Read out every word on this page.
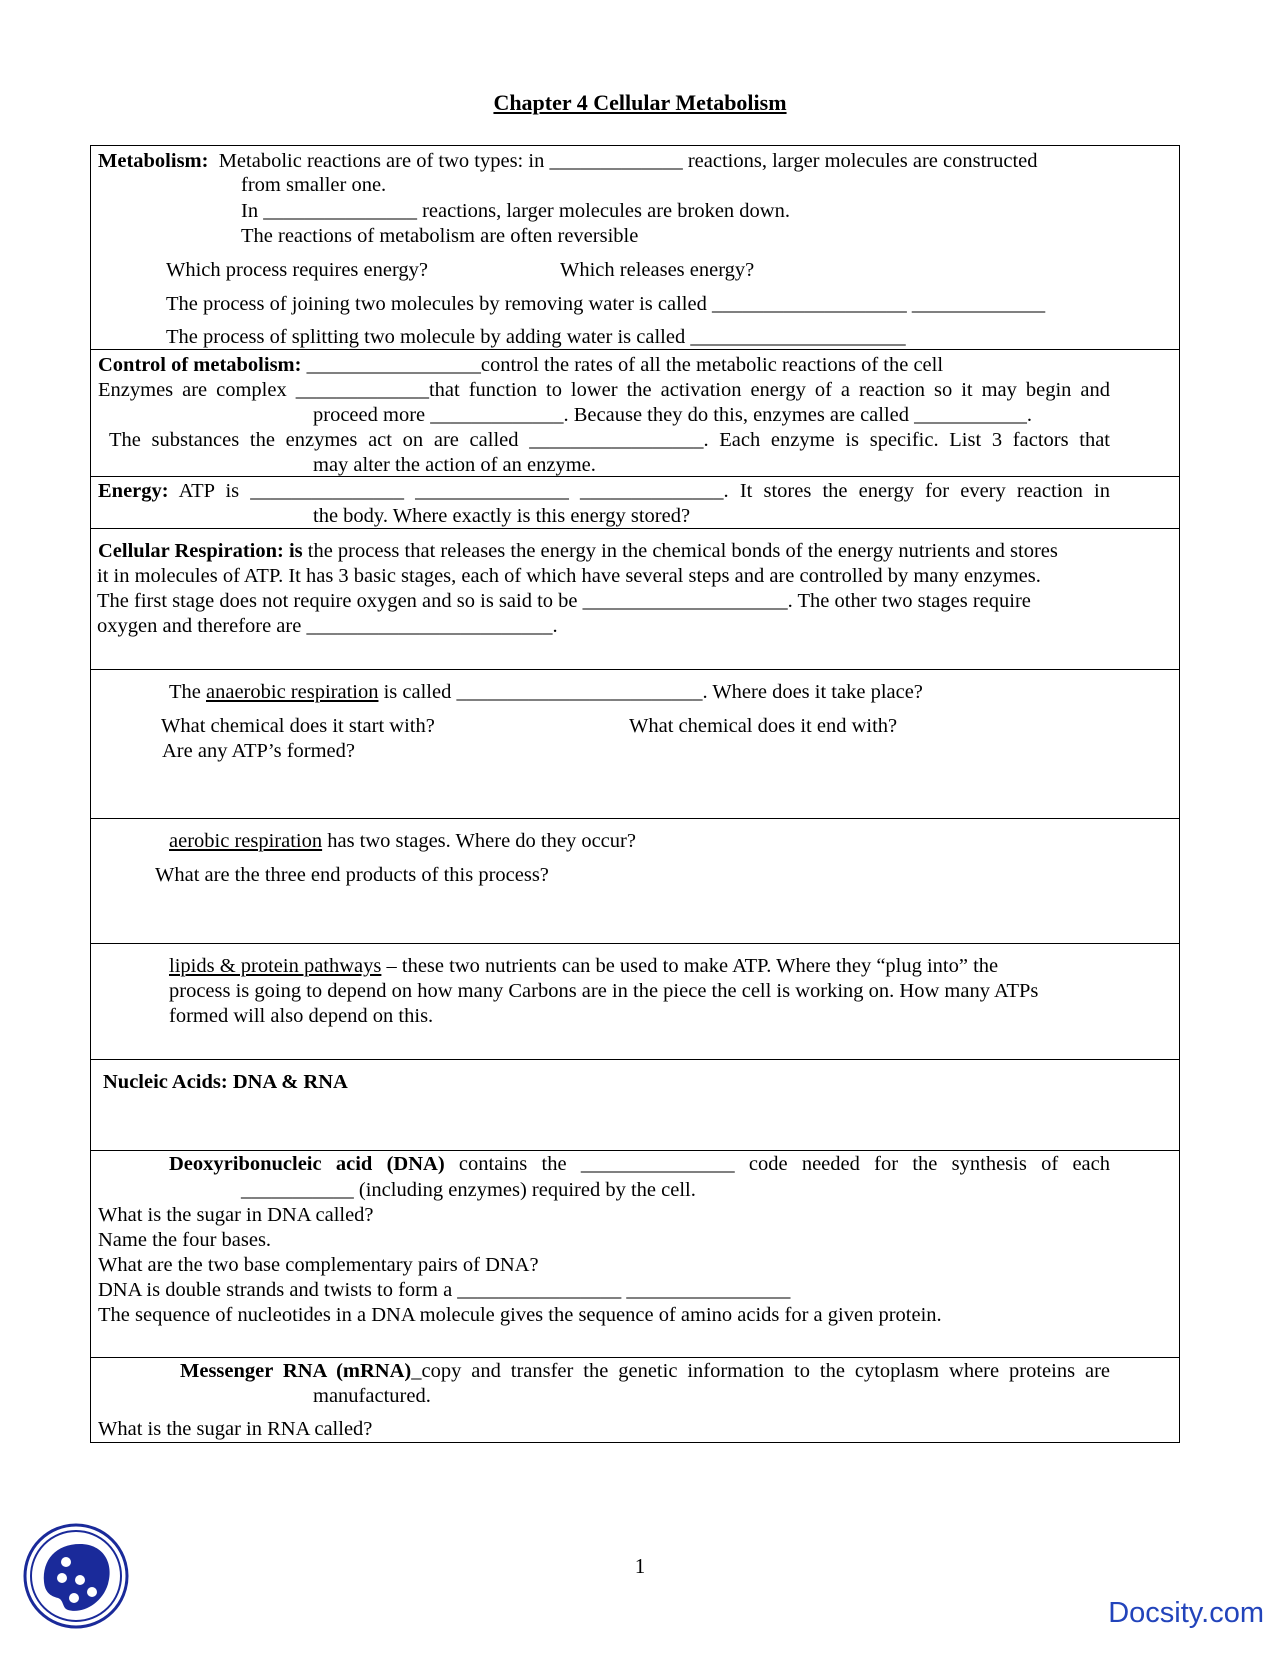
Chapter 4 Cellular Metabolism
Metabolism: Metabolic reactions are of two types: in _____________ reactions, larger molecules are constructed
from smaller one.
In _______________ reactions, larger molecules are broken down.
The reactions of metabolism are often reversible
Which process requires energy?	Which releases energy?
The process of joining two molecules by removing water is called ___________________ _____________
The process of splitting two molecule by adding water is called _____________________
Control of metabolism: _________________control the rates of all the metabolic reactions of the cell
Enzymes are complex _____________that function to lower the activation energy of a reaction so it may begin and
proceed more _____________. Because they do this, enzymes are called ___________.
The substances the enzymes act on are called _________________. Each enzyme is specific. List 3 factors that
may alter the action of an enzyme.
Energy: ATP is _______________ _______________ ______________. It stores the energy for every reaction in
the body. Where exactly is this energy stored?
Cellular Respiration: is the process that releases the energy in the chemical bonds of the energy nutrients and stores
it in molecules of ATP. It has 3 basic stages, each of which have several steps and are controlled by many enzymes.
The first stage does not require oxygen and so is said to be ____________________. The other two stages require
oxygen and therefore are ________________________.
The anaerobic respiration is called ________________________. Where does it take place?
What chemical does it start with?	What chemical does it end with?
Are any ATP’s formed?
aerobic respiration has two stages. Where do they occur?
What are the three end products of this process?
lipids & protein pathways – these two nutrients can be used to make ATP. Where they “plug into” the
process is going to depend on how many Carbons are in the piece the cell is working on. How many ATPs
formed will also depend on this.
Nucleic Acids: DNA & RNA
Deoxyribonucleic acid (DNA) contains the _______________ code needed for the synthesis of each
___________ (including enzymes) required by the cell.
What is the sugar in DNA called?
Name the four bases.
What are the two base complementary pairs of DNA?
DNA is double strands and twists to form a ________________ ________________
The sequence of nucleotides in a DNA molecule gives the sequence of amino acids for a given protein.
Messenger RNA (mRNA)_copy and transfer the genetic information to the cytoplasm where proteins are
manufactured.
What is the sugar in RNA called?
1
Docsity.com
